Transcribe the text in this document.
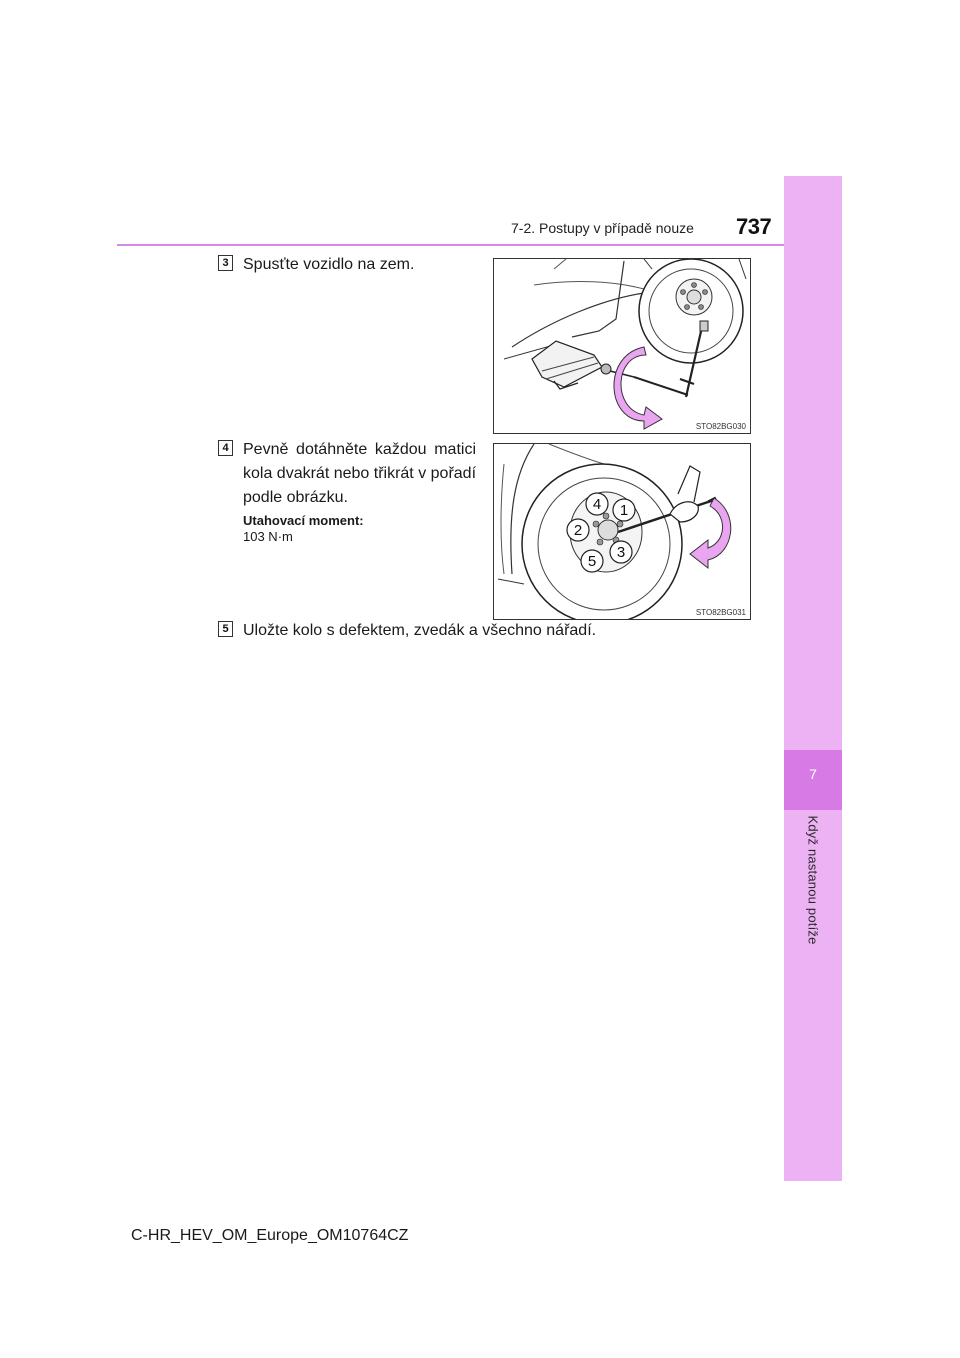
7
Když nastanou potíže
7-2. Postupy v případě nouze 737
3 Spusťte vozidlo na zem.
STO82BG030
4 Pevně dotáhněte každou matici kola dvakrát nebo třikrát v pořadí podle obrázku.
Utahovací moment:
103 N·m
4 1
2
3
5
STO82BG031
5 Uložte kolo s defektem, zvedák a všechno nářadí.
C-HR_HEV_OM_Europe_OM10764CZ
